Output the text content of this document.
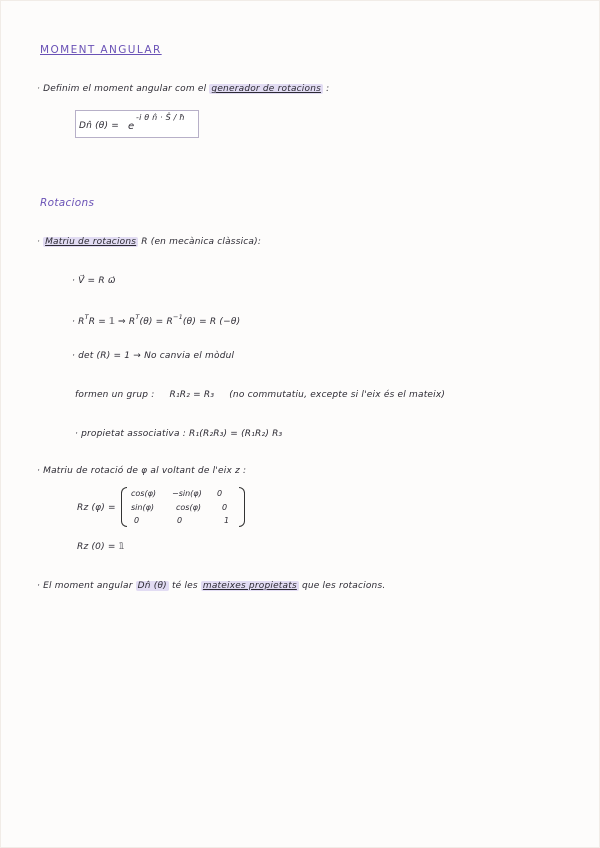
MOMENT ANGULAR
· Definim el moment angular com el generador de rotacions :
Dn̂ (θ) = e
-i θ n̂ · Ŝ / ħ
Rotacions
· Matriu de rotacions R (en mecànica clàssica):
· V⃗ = R ω⃗
· $R^TR$ = 𝟙 ⇒ $R^T(\theta) = R^{-1}(\theta) = R$ (−θ)
· det (R) = 1 → No canvia el mòdul
formen un grup : R₁R₂ = R₃ (no commutatiu, excepte si l'eix és el mateix)
· propietat associativa : R₁(R₂R₃) = (R₁R₂) R₃
· Matriu de rotació de φ al voltant de l'eix z :
Rz (φ) =
cos(φ) −sin(φ) 0
sin(φ)	cos(φ)	0
0	0	1
Rz (0) = 𝟙
· El moment angular Dn̂ (θ) té les mateixes propietats que les rotacions.
